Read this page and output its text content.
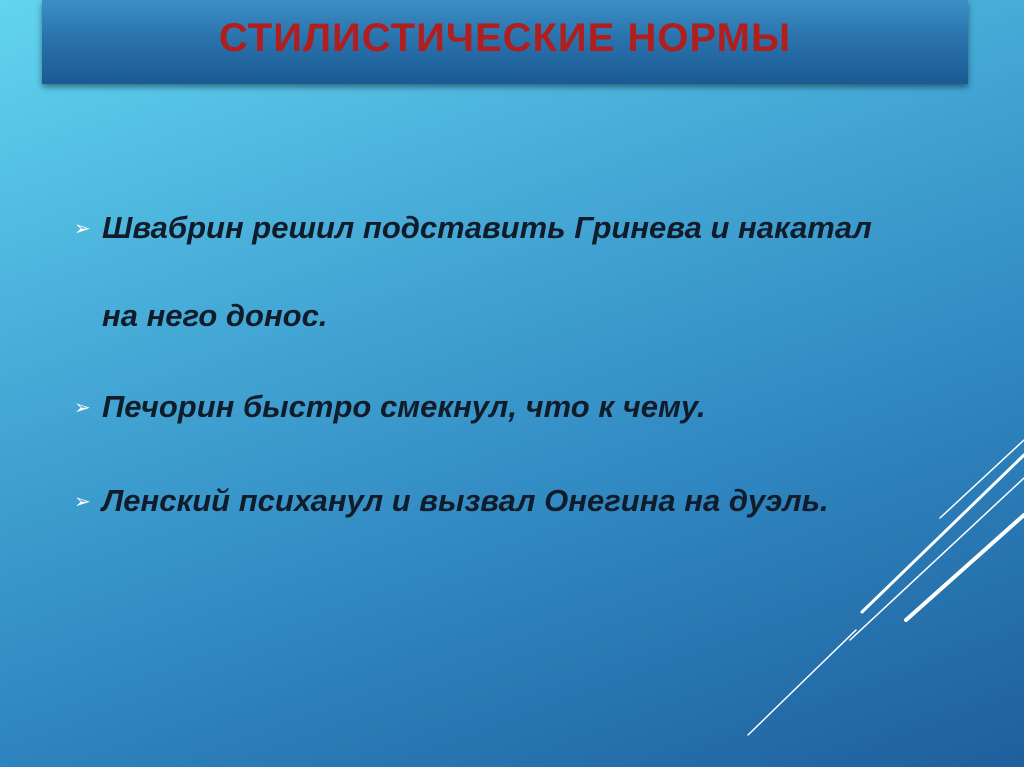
СТИЛИСТИЧЕСКИЕ НОРМЫ
➢ Швабрин решил подставить Гринева и накатал
на него донос.
➢ Печорин быстро смекнул, что к чему.
➢ Ленский психанул и вызвал Онегина на дуэль.
